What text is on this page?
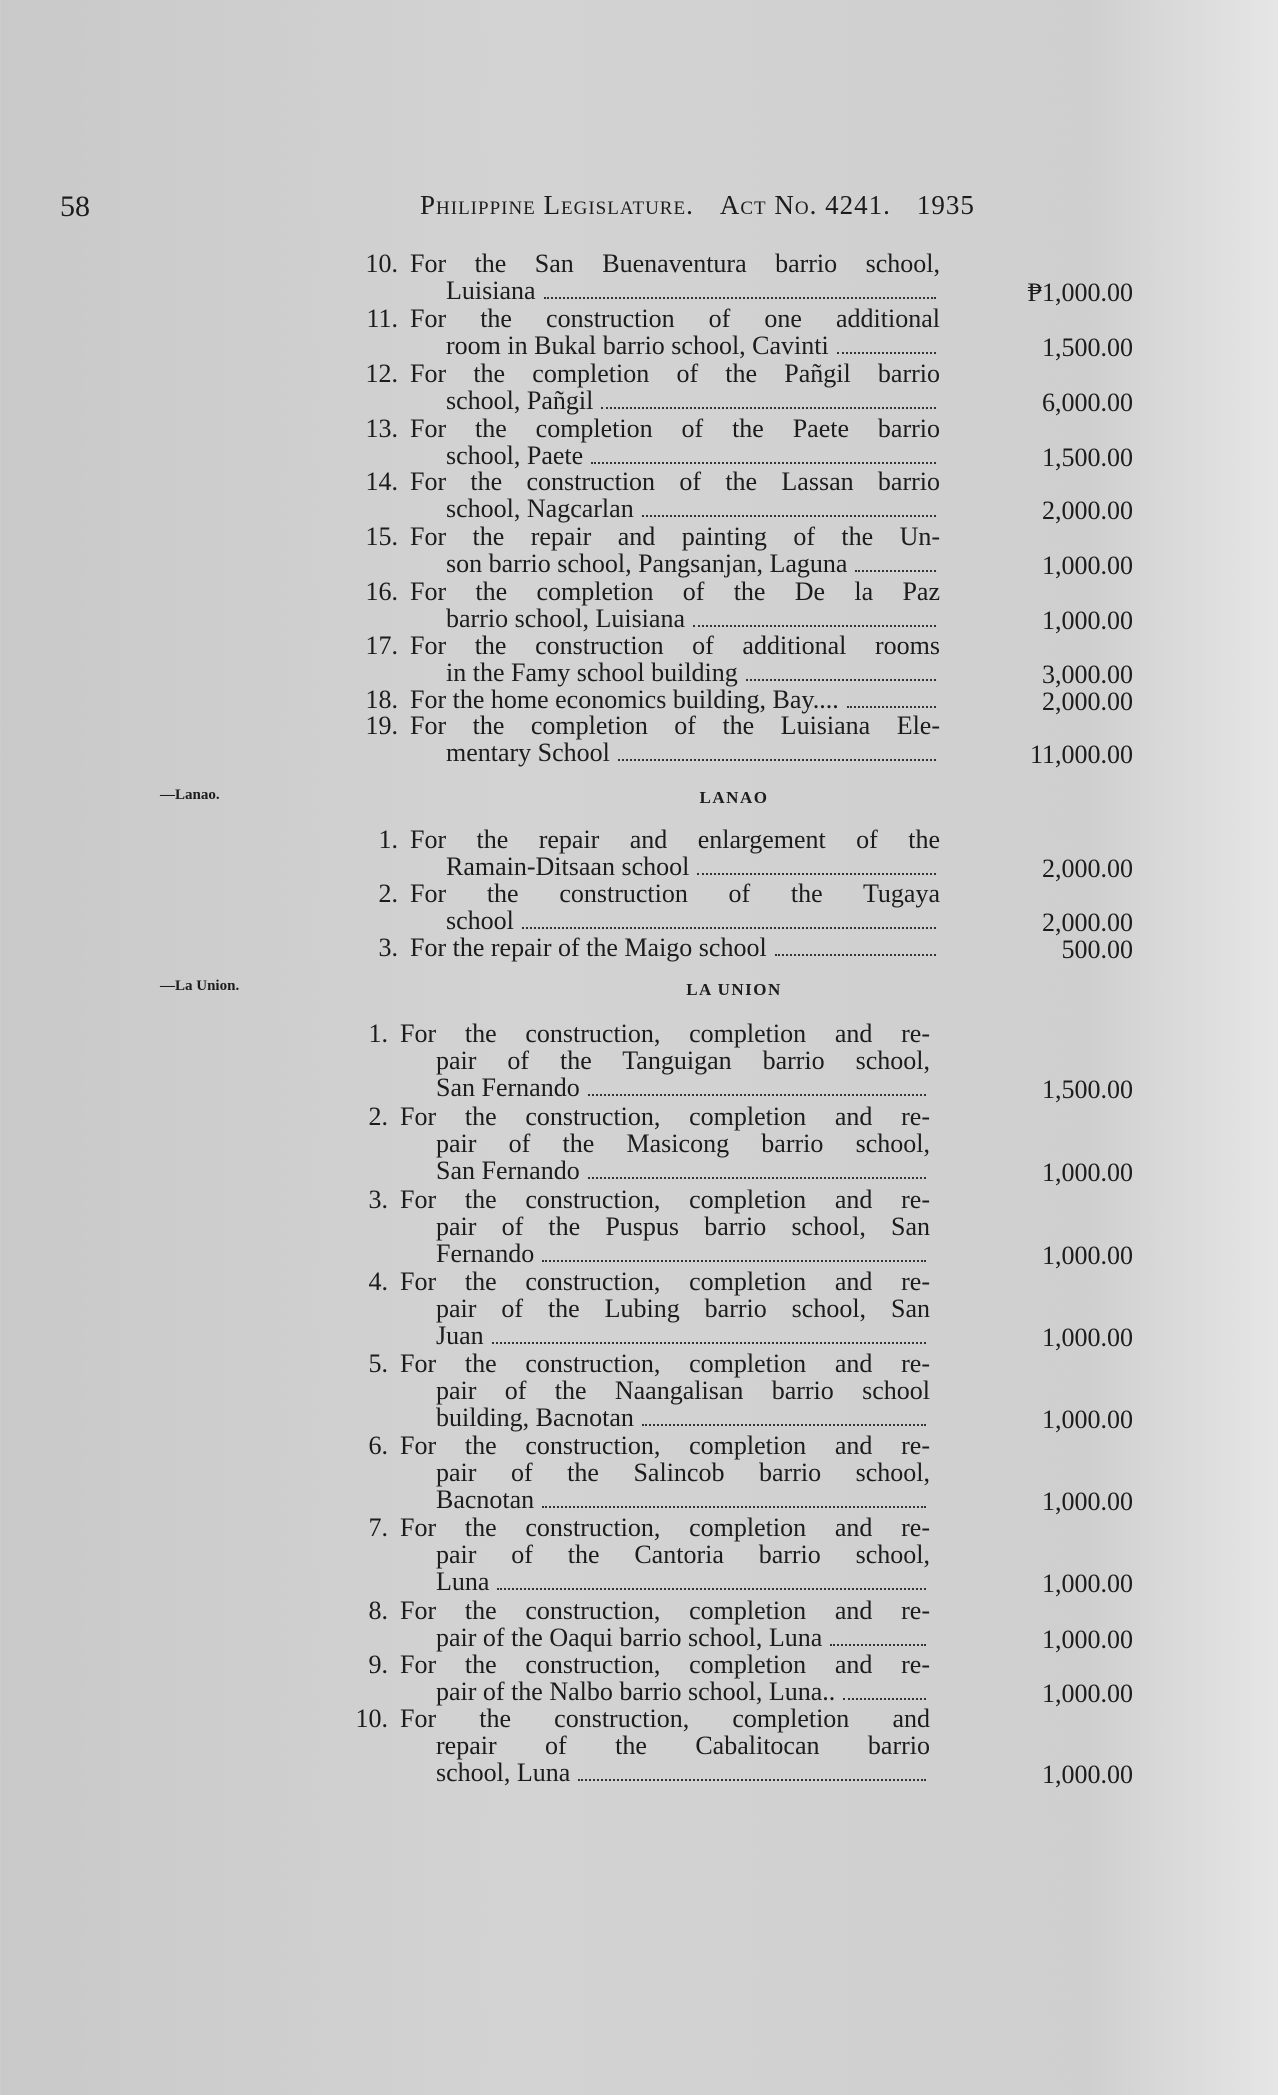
58	Philippine Legislature. Act No. 4241. 1935
10. For the San Buenaventura barrio school,
Luisiana	₱1,000.00
11. For the construction of one additional
room in Bukal barrio school, Cavinti	1,500.00
12. For the completion of the Pañgil barrio
school, Pañgil	6,000.00
13. For the completion of the Paete barrio
school, Paete	1,500.00
14. For the construction of the Lassan barrio
school, Nagcarlan	2,000.00
15. For the repair and painting of the Un-
son barrio school, Pangsanjan, Laguna	1,000.00
16. For the completion of the De la Paz
barrio school, Luisiana	1,000.00
17. For the construction of additional rooms
in the Famy school building	3,000.00
18. For the home economics building, Bay....	2,000.00
19. For the completion of the Luisiana Ele-
mentary School	11,000.00
—Lanao.	LANAO
1. For the repair and enlargement of the
Ramain-Ditsaan school	2,000.00
2. For the construction of the Tugaya
school	2,000.00
3. For the repair of the Maigo school	500.00
—La Union.	LA UNION
1. For the construction, completion and re-
pair of the Tanguigan barrio school,
San Fernando	1,500.00
2. For the construction, completion and re-
pair of the Masicong barrio school,
San Fernando	1,000.00
3. For the construction, completion and re-
pair of the Puspus barrio school, San
Fernando	1,000.00
4. For the construction, completion and re-
pair of the Lubing barrio school, San
Juan	1,000.00
5. For the construction, completion and re-
pair of the Naangalisan barrio school
building, Bacnotan	1,000.00
6. For the construction, completion and re-
pair of the Salincob barrio school,
Bacnotan	1,000.00
7. For the construction, completion and re-
pair of the Cantoria barrio school,
Luna	1,000.00
8. For the construction, completion and re-
pair of the Oaqui barrio school, Luna	1,000.00
9. For the construction, completion and re-
pair of the Nalbo barrio school, Luna..	1,000.00
10. For the construction, completion and
repair of the Cabalitocan barrio
school, Luna	1,000.00
